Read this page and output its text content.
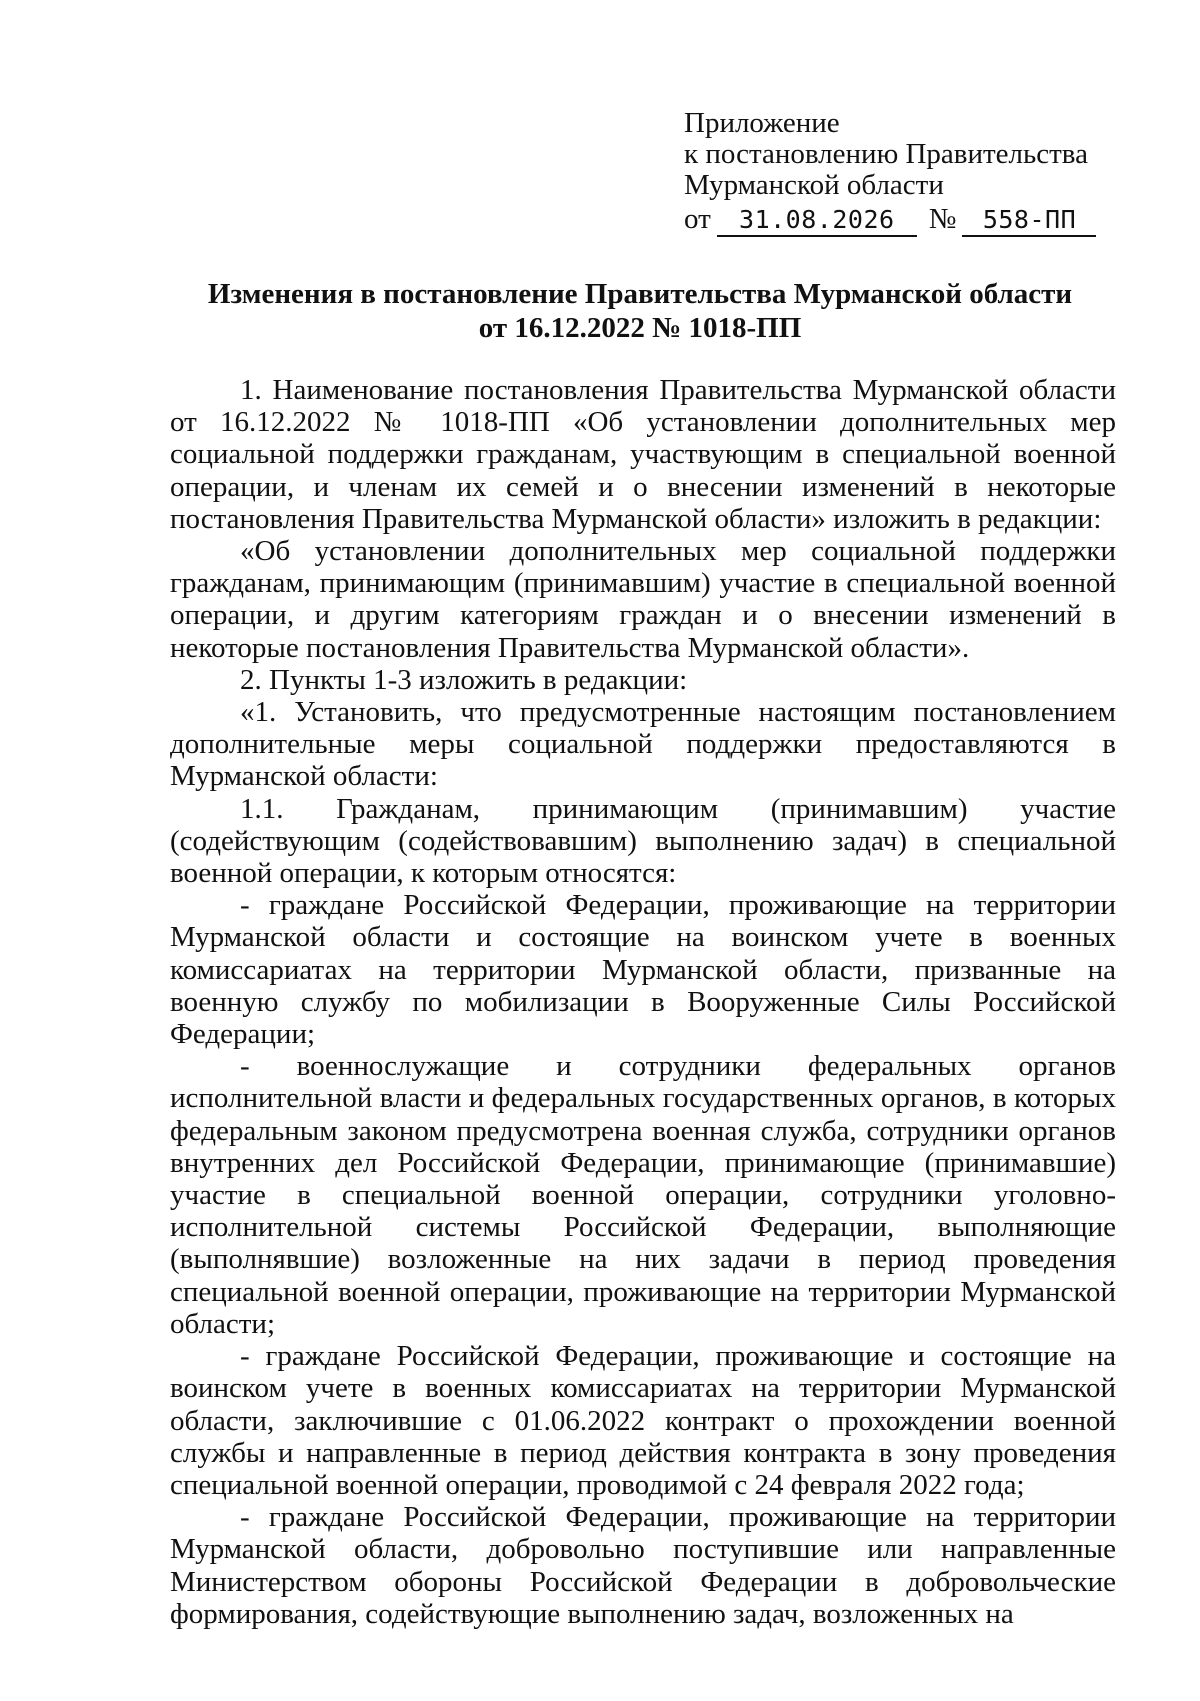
Приложение
к постановлению Правительства
Мурманской области
от	31.08.2026	№	558-ПП
Изменения в постановление Правительства Мурманской области
от 16.12.2022 № 1018-ПП

1. Наименование постановления Правительства Мурманской области от 16.12.2022 № 1018-ПП «Об установлении дополнительных мер социальной поддержки гражданам, участвующим в специальной военной операции, и членам их семей и о внесении изменений в некоторые постановления Правительства Мурманской области» изложить в редакции:

«Об установлении дополнительных мер социальной поддержки гражданам, принимающим (принимавшим) участие в специальной военной операции, и другим категориям граждан и о внесении изменений в некоторые постановления Правительства Мурманской области».

2. Пункты 1-3 изложить в редакции:

«1. Установить, что предусмотренные настоящим постановлением дополнительные меры социальной поддержки предоставляются в Мурманской области:

1.1. Гражданам, принимающим (принимавшим) участие (содействующим (содействовавшим) выполнению задач) в специальной военной операции, к которым относятся:

- граждане Российской Федерации, проживающие на территории Мурманской области и состоящие на воинском учете в военных комиссариатах на территории Мурманской области, призванные на военную службу по мобилизации в Вооруженные Силы Российской Федерации;

- военнослужащие и сотрудники федеральных органов исполнительной власти и федеральных государственных органов, в которых федеральным законом предусмотрена военная служба, сотрудники органов внутренних дел Российской Федерации, принимающие (принимавшие) участие в специальной военной операции, сотрудники уголовно-исполнительной системы Российской Федерации, выполняющие (выполнявшие) возложенные на них задачи в период проведения специальной военной операции, проживающие на территории Мурманской области;

- граждане Российской Федерации, проживающие и состоящие на воинском учете в военных комиссариатах на территории Мурманской области, заключившие с 01.06.2022 контракт о прохождении военной службы и направленные в период действия контракта в зону проведения специальной военной операции, проводимой с 24 февраля 2022 года;

- граждане Российской Федерации, проживающие на территории Мурманской области, добровольно поступившие или направленные Министерством обороны Российской Федерации в добровольческие формирования, содействующие выполнению задач, возложенных на
